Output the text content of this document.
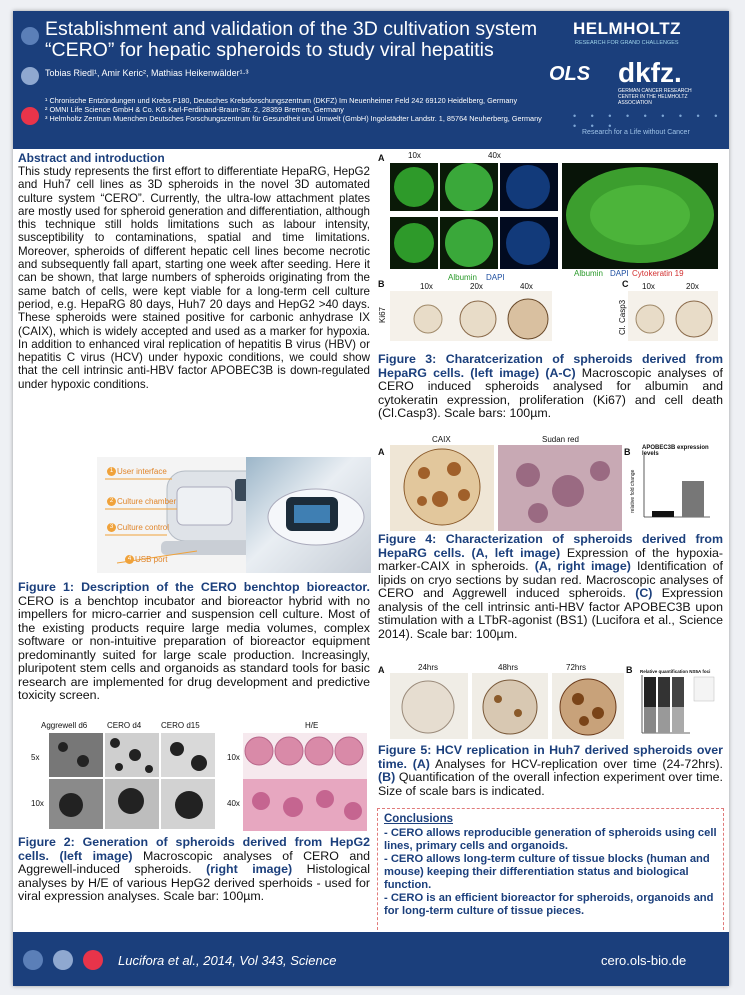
Establishment and validation of the 3D cultivation system
“CERO” for hepatic spheroids to study viral hepatitis
Tobias Riedl¹, Amir Keric², Mathias Heikenwälder¹·³
¹ Chronische Entzündungen und Krebs F180, Deutsches Krebsforschungszentrum (DKFZ) Im Neuenheimer Feld 242 69120 Heidelberg, Germany
² OMNI Life Science GmbH & Co. KG Karl-Ferdinand-Braun-Str. 2, 28359 Bremen, Germany
³ Helmholtz Zentrum Muenchen Deutsches Forschungszentrum für Gesundheit und Umwelt (GmbH) Ingolstädter Landstr. 1, 85764 Neuherberg, Germany
HELMHOLTZ
RESEARCH FOR GRAND CHALLENGES
OLS dkfz.
GERMAN CANCER RESEARCH CENTER IN THE HELMHOLTZ ASSOCIATION
• • • • • • • • • • • •
Research for a Life without Cancer
Abstract and introduction
This study represents the first effort to differentiate HepaRG, HepG2 and Huh7 cell lines as 3D spheroids in the novel 3D automated culture system “CERO”. Currently, the ultra-low attachment plates are mostly used for spheroid generation and differentiation, although this technique still holds limitations such as labour intensity, susceptibility to contaminations, spatial and time limitations. Moreover, spheroids of different hepatic cell lines become necrotic and subsequently fall apart, starting one week after seeding. Here it can be shown, that large numbers of spheroids originating from the same batch of cells, were kept viable for a long-term cell culture period, e.g. HepaRG 80 days, Huh7 20 days and HepG2 >40 days. These spheroids were stained positive for carbonic anhydrase IX (CAIX), which is widely accepted and used as a marker for hypoxia. In addition to enhanced viral replication of hepatitis B virus (HBV) or hepatitis C virus (HCV) under hypoxic conditions, we could show that the cell intrinsic anti-HBV factor APOBEC3B is down-regulated under hypoxic conditions.
User interface
Culture chamber
Culture control
USB port
1
2
3
4
Figure 1: Description of the CERO benchtop bioreactor. CERO is a benchtop incubator and bioreactor hybrid with no impellers for micro-carrier and suspension cell culture. Most of the existing products require large media volumes, complex software or non-intuitive preparation of bioreactor equipment predominantly suited for large scale production. Increasingly, pluripotent stem cells and organoids as standard tools for basic research are implemented for drug development and predictive toxicity screen.
Aggrewell d6 CERO d4 CERO d15
5x
10x
H/E
10x
40x
Figure 2: Generation of spheroids derived from HepG2 cells. (left image) Macroscopic analyses of CERO and Aggrewell-induced spheroids. (right image) Histological analyses by H/E of various HepG2 derived sperhoids - used for viral expression analyses. Scale bar: 100µm.
A	10x	40x
Albumin DAPI	Albumin DAPI Cytokeratin 19
B	C
10x	20x	40x	10x	20x
Ki67	Cl. Casp3
Figure 3: Charatcerization of spheroids derived from HepaRG cells. (left image) (A-C) Macroscopic analyses of CERO induced spheroids analysed for albumin and cytokeratin expression, proliferation (Ki67) and cell death (Cl.Casp3). Scale bars: 100µm.
A
CAIX	Sudan red
B APOBEC3B expression levels
relative fold change
Figure 4: Characterization of spheroids derived from HepaRG cells. (A, left image) Expression of the hypoxia-marker-CAIX in spheroids. (A, right image) Identification of lipids on cryo sections by sudan red. Macroscopic analyses of CERO and Aggrewell induced spheroids. (C) Expression analysis of the cell intrinsic anti-HBV factor APOBEC3B upon stimulation with a LTbR-agonist (BS1) (Lucifora et al., Science 2014). Scale bar: 100µm.
A	B
24hrs	48hrs	72hrs	Relative quantification NS5A foci
Figure 5: HCV replication in Huh7 derived spheroids over time. (A) Analyses for HCV-replication over time (24-72hrs). (B) Quantification of the overall infection experiment over time. Size of scale bars is indicated.
Conclusions
- CERO allows reproducible generation of spheroids using cell lines, primary cells and organoids.
- CERO allows long-term culture of tissue blocks (human and mouse) keeping their differentiation status and biological function.
- CERO is an efficient bioreactor for spheroids, organoids and for long-term culture of tissue pieces.
Lucifora et al., 2014, Vol 343, Science	cero.ols-bio.de
